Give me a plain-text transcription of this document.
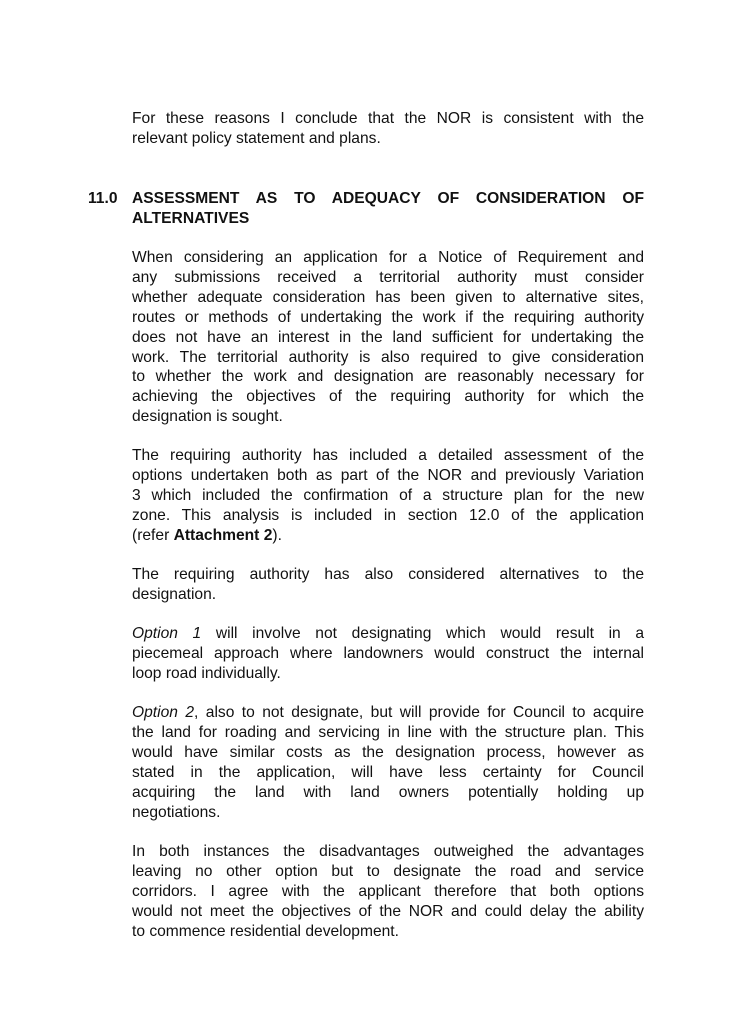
For these reasons I conclude that the NOR is consistent with the
relevant policy statement and plans.

11.0 ASSESSMENT AS TO ADEQUACY OF CONSIDERATION OF
ALTERNATIVES

When considering an application for a Notice of Requirement and
any submissions received a territorial authority must consider
whether adequate consideration has been given to alternative sites,
routes or methods of undertaking the work if the requiring authority
does not have an interest in the land sufficient for undertaking the
work. The territorial authority is also required to give consideration
to whether the work and designation are reasonably necessary for
achieving the objectives of the requiring authority for which the
designation is sought.

The requiring authority has included a detailed assessment of the
options undertaken both as part of the NOR and previously Variation
3 which included the confirmation of a structure plan for the new
zone. This analysis is included in section 12.0 of the application
(refer Attachment 2).

The requiring authority has also considered alternatives to the
designation.

Option 1 will involve not designating which would result in a
piecemeal approach where landowners would construct the internal
loop road individually.

Option 2, also to not designate, but will provide for Council to acquire
the land for roading and servicing in line with the structure plan. This
would have similar costs as the designation process, however as
stated in the application, will have less certainty for Council
acquiring the land with land owners potentially holding up
negotiations.

In both instances the disadvantages outweighed the advantages
leaving no other option but to designate the road and service
corridors. I agree with the applicant therefore that both options
would not meet the objectives of the NOR and could delay the ability
to commence residential development.
